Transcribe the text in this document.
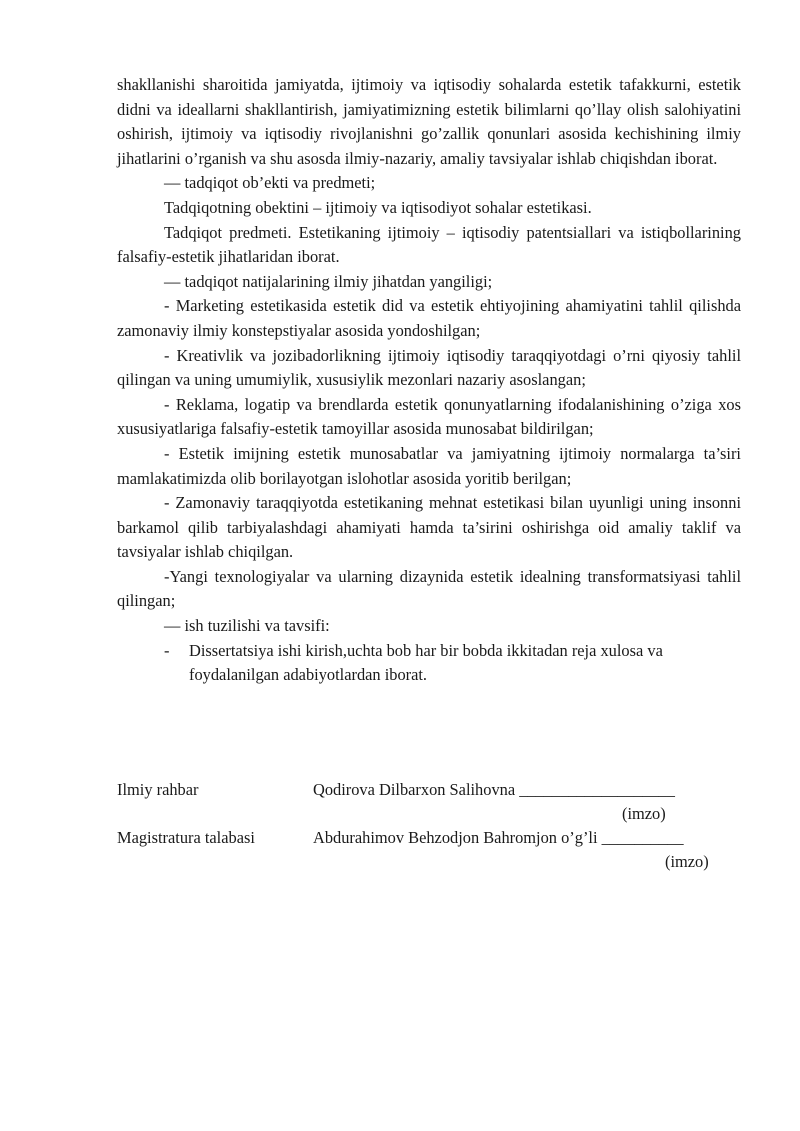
shakllanishi sharoitida jamiyatda, ijtimoiy va iqtisodiy sohalarda estetik tafakkurni, estetik didni va ideallarni shakllantirish, jamiyatimizning estetik bilimlarni qo’llay olish salohiyatini oshirish, ijtimoiy va iqtisodiy rivojlanishni go’zallik qonunlari asosida kechishining ilmiy jihatlarini o’rganish va shu asosda ilmiy-nazariy, amaliy tavsiyalar ishlab chiqishdan iborat.

— tadqiqot ob’ekti va predmeti;

Tadqiqotning obektini – ijtimoiy va iqtisodiyot sohalar estetikasi.

Tadqiqot predmeti. Estetikaning ijtimoiy – iqtisodiy patentsiallari va istiqbollarining falsafiy-estetik jihatlaridan iborat.

— tadqiqot natijalarining ilmiy jihatdan yangiligi;

- Marketing estetikasida estetik did va estetik ehtiyojining ahamiyatini tahlil qilishda zamonaviy ilmiy konstepstiyalar asosida yondoshilgan;

- Kreativlik va jozibadorlikning ijtimoiy iqtisodiy taraqqiyotdagi o’rni qiyosiy tahlil qilingan va uning umumiylik, xususiylik mezonlari nazariy asoslangan;

- Reklama, logatip va brendlarda estetik qonunyatlarning ifodalanishining o’ziga xos xususiyatlariga falsafiy-estetik tamoyillar asosida munosabat bildirilgan;

- Estetik imijning estetik munosabatlar va jamiyatning ijtimoiy normalarga ta’siri mamlakatimizda olib borilayotgan islohotlar asosida yoritib berilgan;

- Zamonaviy taraqqiyotda estetikaning mehnat estetikasi bilan uyunligi uning insonni barkamol qilib tarbiyalashdagi ahamiyati hamda ta’sirini oshirishga oid amaliy taklif va tavsiyalar ishlab chiqilgan.

-Yangi texnologiyalar va ularning dizaynida estetik idealning transformatsiyasi tahlil qilingan;

— ish tuzilishi va tavsifi:

- Dissertatsiya ishi kirish,uchta bob har bir bobda ikkitadan reja xulosa va foydalanilgan adabiyotlardan iborat.
Ilmiy rahbar	Qodirova Dilbarxon Salihovna ___________________
(imzo)
Magistratura talabasi	Abdurahimov Behzodjon Bahromjon o’g’li __________
(imzo)
